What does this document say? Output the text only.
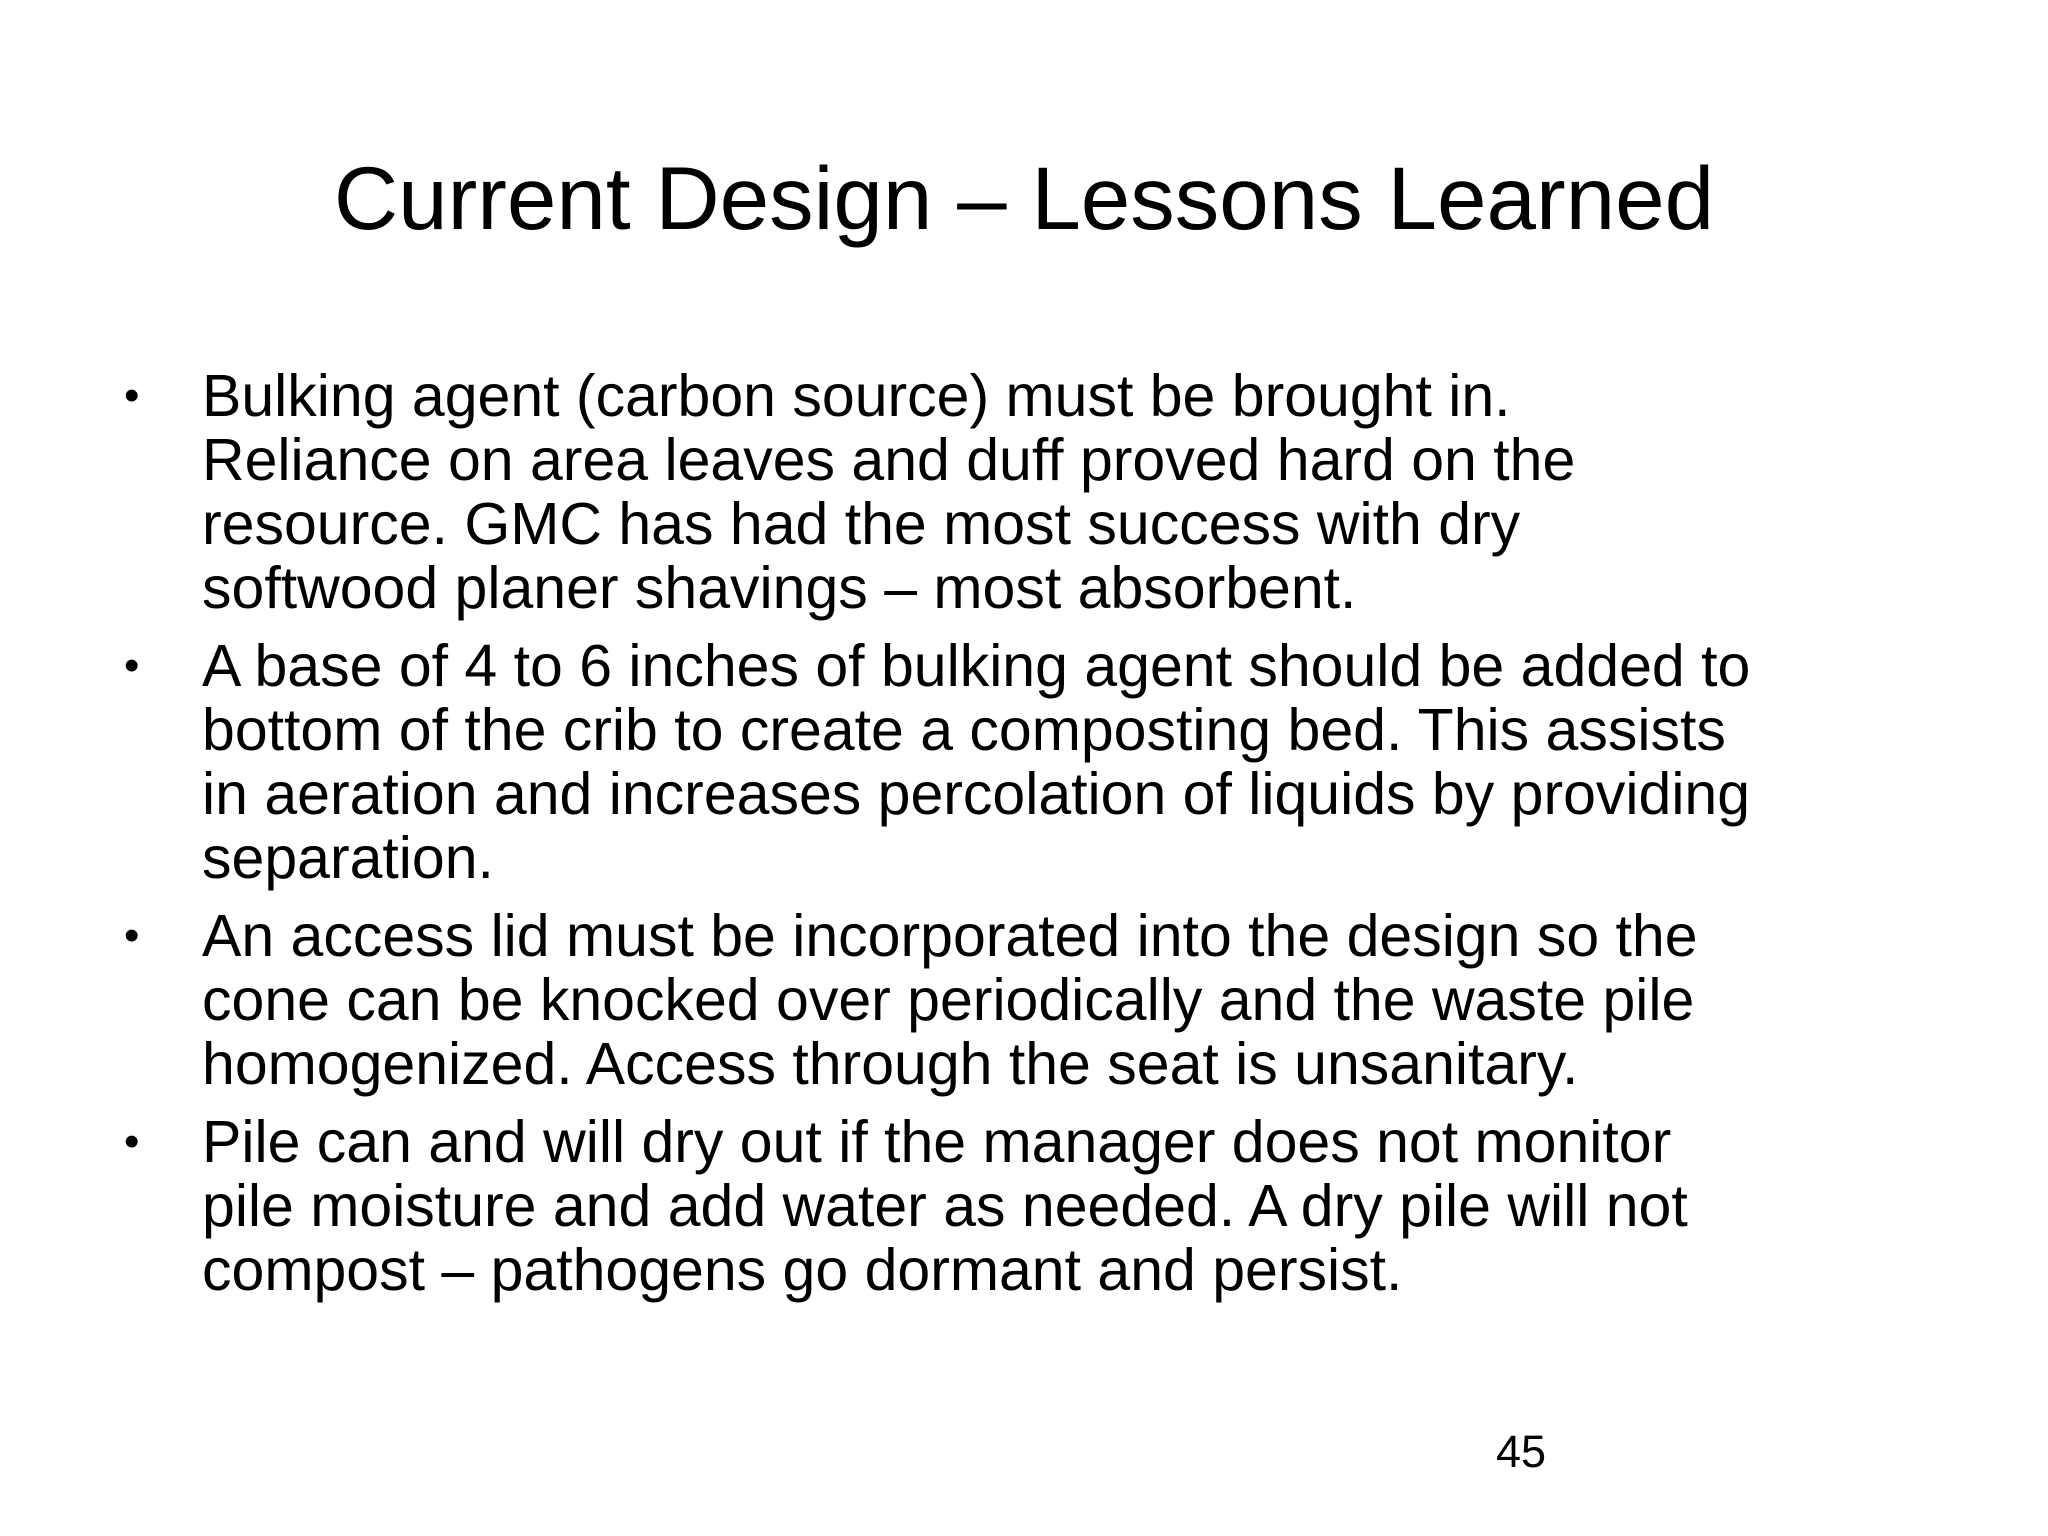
Current Design – Lessons Learned
• Bulking agent (carbon source) must be brought in.
Reliance on area leaves and duff proved hard on the
resource. GMC has had the most success with dry
softwood planer shavings – most absorbent.
• A base of 4 to 6 inches of bulking agent should be added to
bottom of the crib to create a composting bed. This assists
in aeration and increases percolation of liquids by providing
separation.
• An access lid must be incorporated into the design so the
cone can be knocked over periodically and the waste pile
homogenized. Access through the seat is unsanitary.
• Pile can and will dry out if the manager does not monitor
pile moisture and add water as needed. A dry pile will not
compost – pathogens go dormant and persist.
45
